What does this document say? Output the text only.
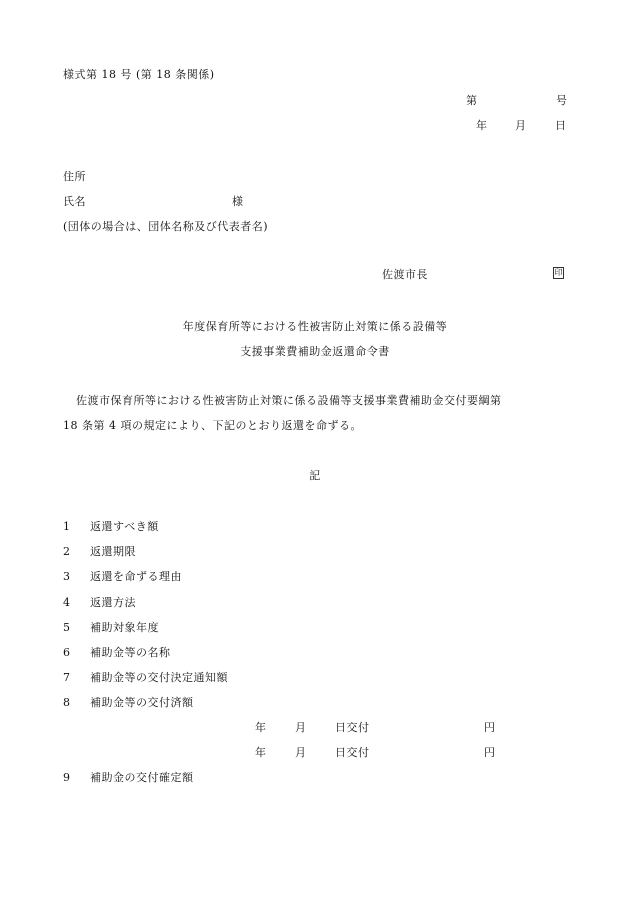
様式第 18 号 (第 18 条関係)
第	号
年	月	日
住所
氏名	様
(団体の場合は、団体名称及び代表者名)
佐渡市長	印
年度保育所等における性被害防止対策に係る設備等
支援事業費補助金返還命令書
佐渡市保育所等における性被害防止対策に係る設備等支援事業費補助金交付要綱第
18 条第 4 項の規定により、下記のとおり返還を命ずる。
記
1 返還すべき額
2 返還期限
3 返還を命ずる理由
4 返還方法
5 補助対象年度
6 補助金等の名称
7 補助金等の交付決定通知額
8 補助金等の交付済額
年	月	日交付	円
年	月	日交付	円
9 補助金の交付確定額
